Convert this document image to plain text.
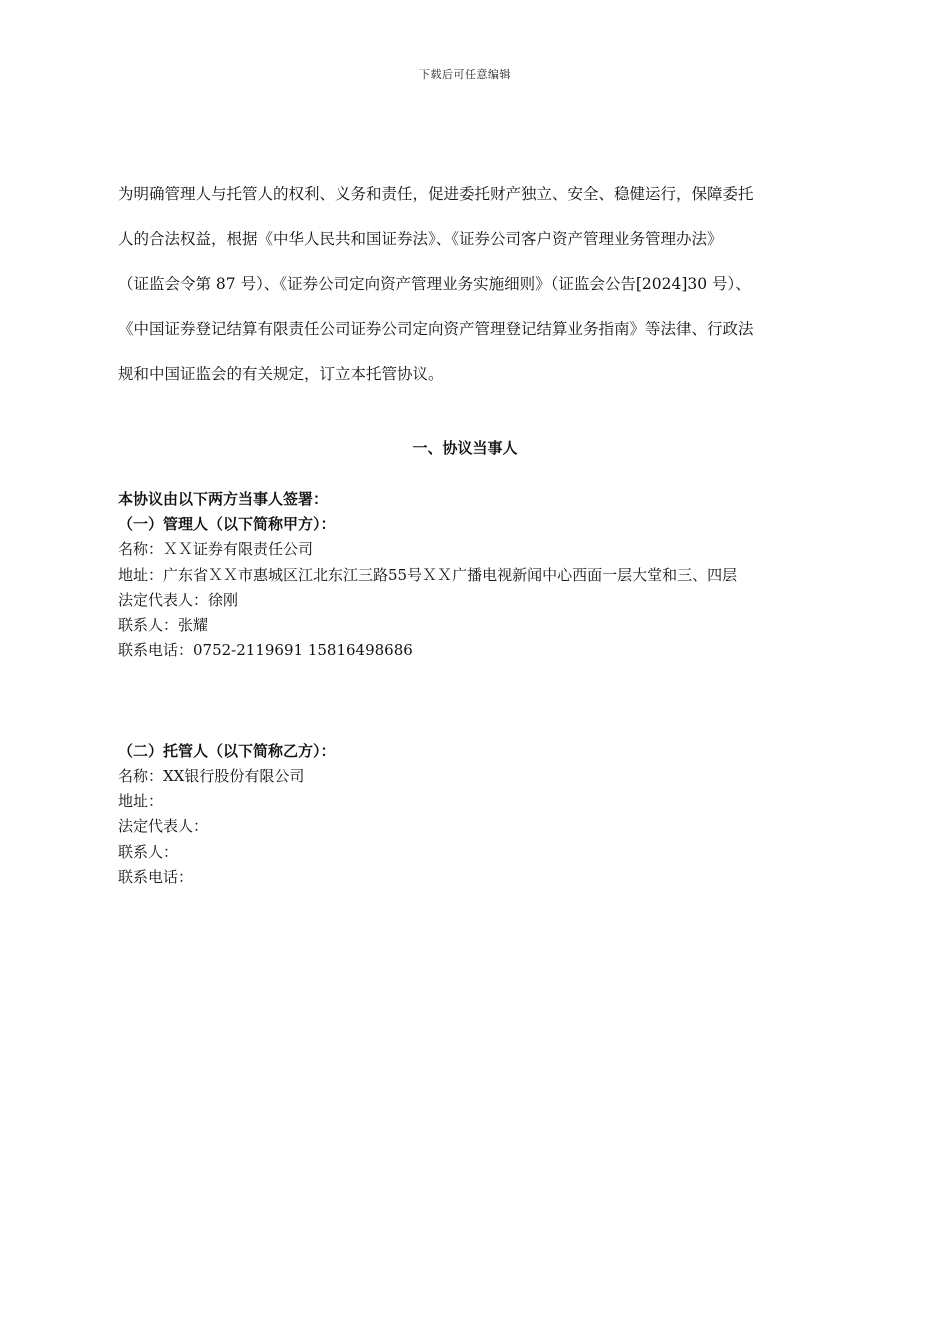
下载后可任意编辑
为明确管理人与托管人的权利、义务和责任，促进委托财产独立、安全、稳健运行，保障委托
人的合法权益，根据《中华人民共和国证券法》、《证券公司客户资产管理业务管理办法》
（证监会令第 87 号）、《证券公司定向资产管理业务实施细则》（证监会公告[2024]30 号）、
《中国证券登记结算有限责任公司证券公司定向资产管理登记结算业务指南》等法律、行政法
规和中国证监会的有关规定，订立本托管协议。
一、协议当事人
本协议由以下两方当事人签署：
（一）管理人（以下简称甲方）：
名称：ＸＸ证券有限责任公司
地址：广东省ＸＸ市惠城区江北东江三路55号ＸＸ广播电视新闻中心西面一层大堂和三、四层
法定代表人：徐刚
联系人：张耀
联系电话：0752-2119691 15816498686
（二）托管人（以下简称乙方）：
名称：XX银行股份有限公司
地址：
法定代表人：
联系人：
联系电话：
